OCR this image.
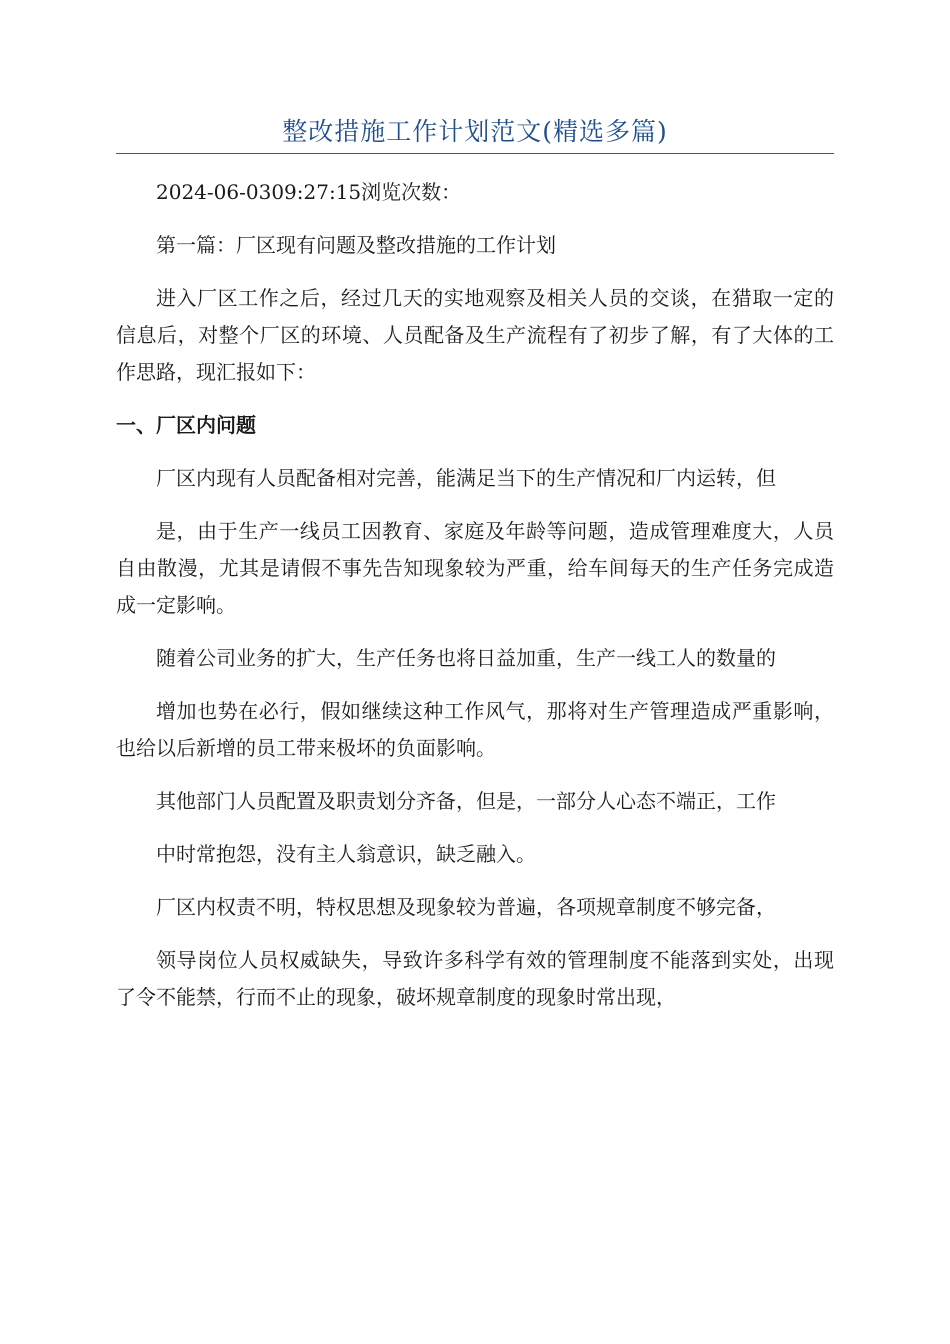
整改措施工作计划范文(精选多篇)
2024-06-0309:27:15浏览次数：
第一篇：厂区现有问题及整改措施的工作计划
进入厂区工作之后，经过几天的实地观察及相关人员的交谈，在猎取一定的信息后，对整个厂区的环境、人员配备及生产流程有了初步了解，有了大体的工作思路，现汇报如下：
一、厂区内问题
厂区内现有人员配备相对完善，能满足当下的生产情况和厂内运转，但
是，由于生产一线员工因教育、家庭及年龄等问题，造成管理难度大，人员自由散漫，尤其是请假不事先告知现象较为严重，给车间每天的生产任务完成造成一定影响。
随着公司业务的扩大，生产任务也将日益加重，生产一线工人的数量的
增加也势在必行，假如继续这种工作风气，那将对生产管理造成严重影响，也给以后新增的员工带来极坏的负面影响。
其他部门人员配置及职责划分齐备，但是，一部分人心态不端正，工作
中时常抱怨，没有主人翁意识，缺乏融入。
厂区内权责不明，特权思想及现象较为普遍，各项规章制度不够完备，
领导岗位人员权威缺失，导致许多科学有效的管理制度不能落到实处，出现了令不能禁，行而不止的现象，破坏规章制度的现象时常出现，
